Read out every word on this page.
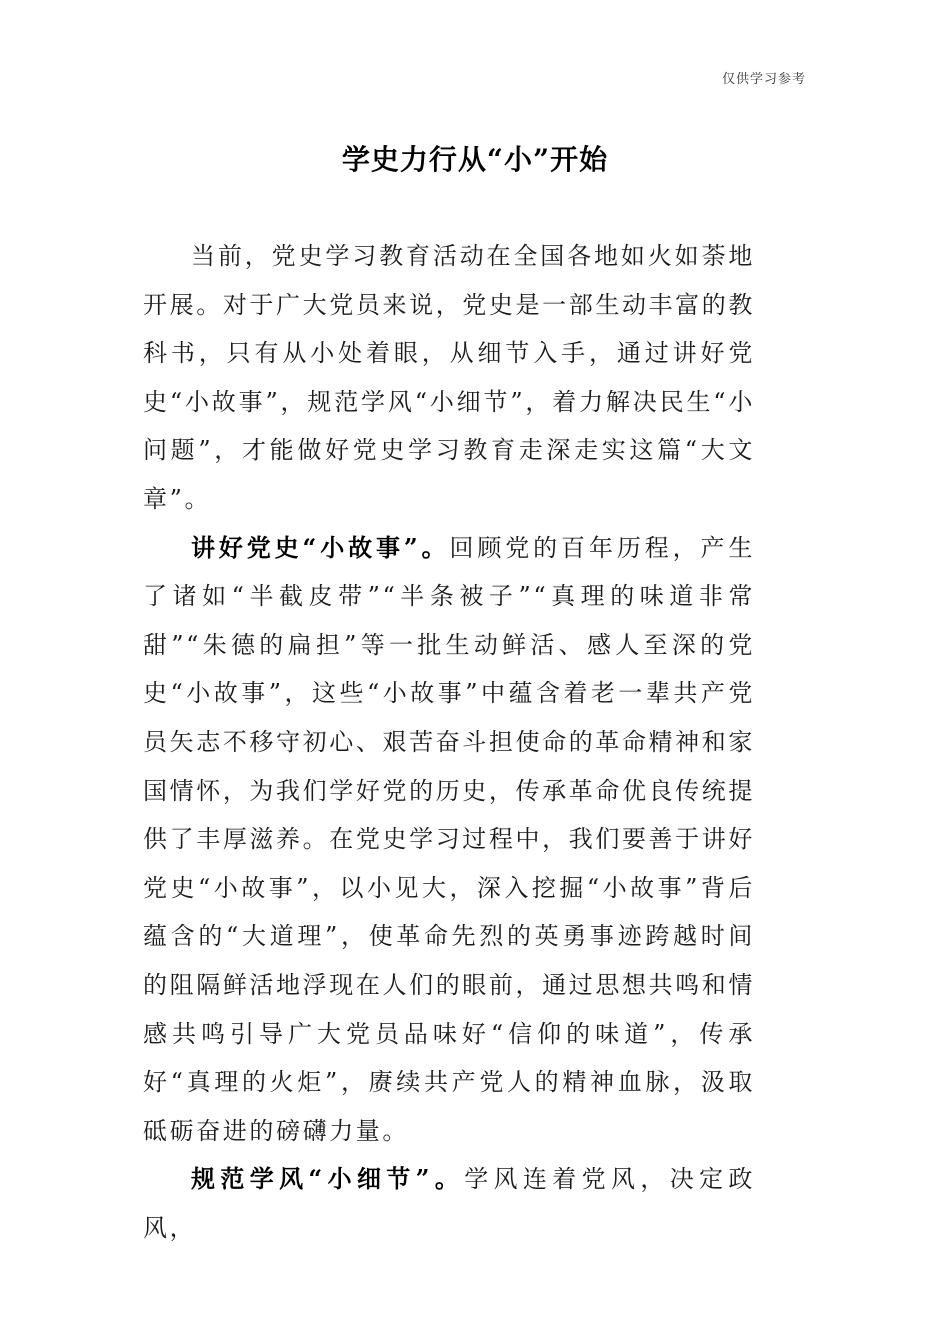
仅供学习参考
学史力行从“小”开始

当前，党史学习教育活动在全国各地如火如荼地开展。对于广大党员来说，党史是一部生动丰富的教科书，只有从小处着眼，从细节入手，通过讲好党史“小故事”，规范学风“小细节”，着力解决民生“小问题”，才能做好党史学习教育走深走实这篇“大文章”。

讲好党史“小故事”。回顾党的百年历程，产生了诸如“半截皮带”“半条被子”“真理的味道非常甜”“朱德的扁担”等一批生动鲜活、感人至深的党史“小故事”，这些“小故事”中蕴含着老一辈共产党员矢志不移守初心、艰苦奋斗担使命的革命精神和家国情怀，为我们学好党的历史，传承革命优良传统提供了丰厚滋养。在党史学习过程中，我们要善于讲好党史“小故事”，以小见大，深入挖掘“小故事”背后蕴含的“大道理”，使革命先烈的英勇事迹跨越时间的阻隔鲜活地浮现在人们的眼前，通过思想共鸣和情感共鸣引导广大党员品味好“信仰的味道”，传承好“真理的火炬”，赓续共产党人的精神血脉，汲取砥砺奋进的磅礴力量。

规范学风“小细节”。学风连着党风，决定政风，
